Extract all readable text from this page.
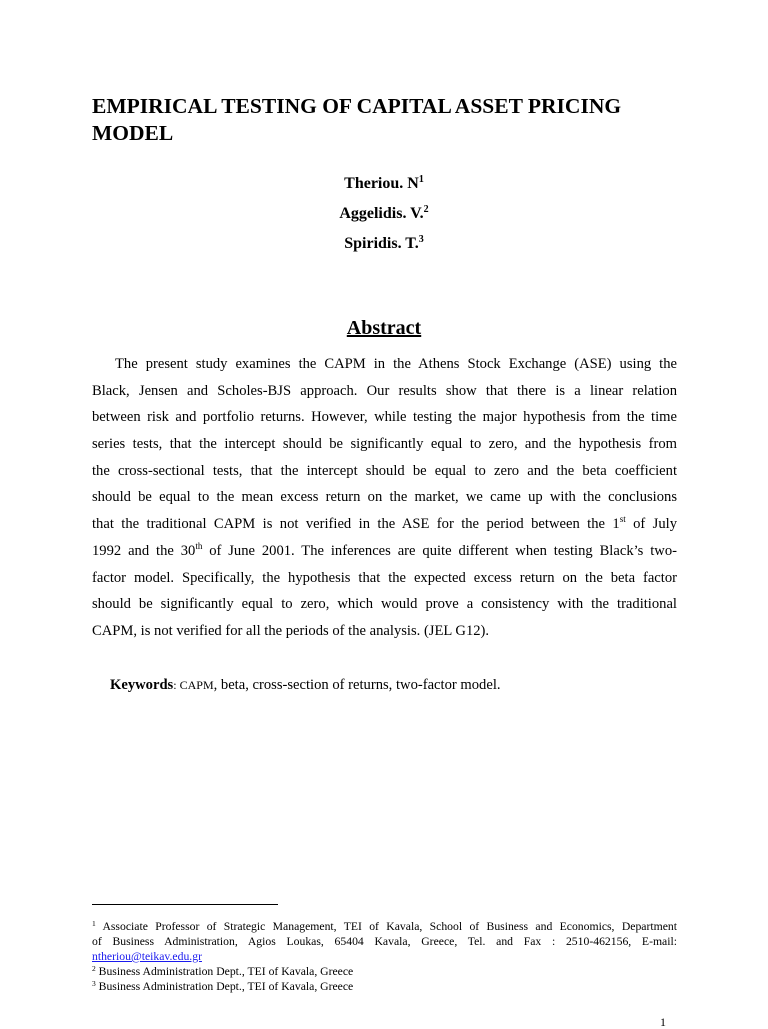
EMPIRICAL TESTING OF CAPITAL ASSET PRICING MODEL
Theriou. $N^1$
Aggelidis. V.$^2$
Spiridis. T.$^3$
Abstract
The present study examines the CAPM in the Athens Stock Exchange (ASE) using the
Black, Jensen and Scholes-BJS approach. Our results show that there is a linear relation
between risk and portfolio returns. However, while testing the major hypothesis from the time
series tests, that the intercept should be significantly equal to zero, and the hypothesis from
the cross-sectional tests, that the intercept should be equal to zero and the beta coefficient
should be equal to the mean excess return on the market, we came up with the conclusions
that the traditional CAPM is not verified in the ASE for the period between the 1st of July
1992 and the 30th of June 2001. The inferences are quite different when testing Black’s two-
factor model. Specifically, the hypothesis that the expected excess return on the beta factor
should be significantly equal to zero, which would prove a consistency with the traditional
CAPM, is not verified for all the periods of the analysis. (JEL G12).
Keywords: CAPM, beta, cross-section of returns, two-factor model.
$^1$ Associate Professor of Strategic Management, TEI of Kavala, School of Business and Economics, Department
of Business Administration, Agios Loukas, 65404 Kavala, Greece, Tel. and Fax : 2510-462156, E-mail:
ntheriou@teikav.edu.gr
$^2$ Business Administration Dept., TEI of Kavala, Greece
$^3$ Business Administration Dept., TEI of Kavala, Greece
1
